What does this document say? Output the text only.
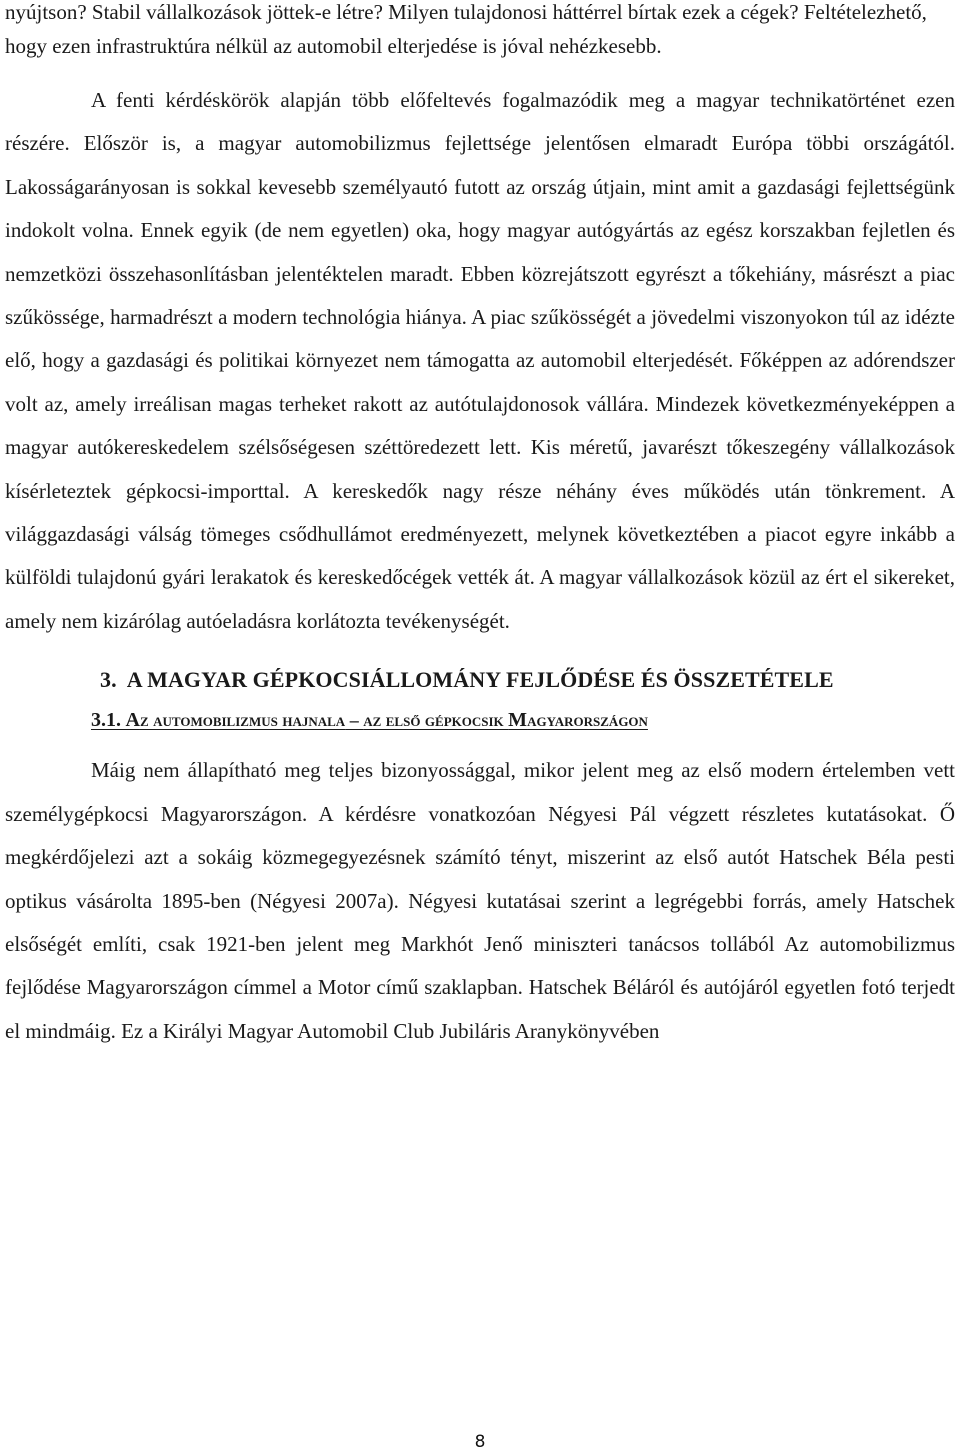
nyújtson? Stabil vállalkozások jöttek-e létre? Milyen tulajdonosi háttérrel bírtak ezek a cégek? Feltételezhető, hogy ezen infrastruktúra nélkül az automobil elterjedése is jóval nehézkesebb.

A fenti kérdéskörök alapján több előfeltevés fogalmazódik meg a magyar technikatörténet ezen részére. Először is, a magyar automobilizmus fejlettsége jelentősen elmaradt Európa többi országától. Lakosságarányosan is sokkal kevesebb személyautó futott az ország útjain, mint amit a gazdasági fejlettségünk indokolt volna. Ennek egyik (de nem egyetlen) oka, hogy magyar autógyártás az egész korszakban fejletlen és nemzetközi összehasonlításban jelentéktelen maradt. Ebben közrejátszott egyrészt a tőkehiány, másrészt a piac szűkössége, harmadrészt a modern technológia hiánya. A piac szűkösségét a jövedelmi viszonyokon túl az idézte elő, hogy a gazdasági és politikai környezet nem támogatta az automobil elterjedését. Főképpen az adórendszer volt az, amely irreálisan magas terheket rakott az autótulajdonosok vállára. Mindezek következményeképpen a magyar autókereskedelem szélsőségesen széttöredezett lett. Kis méretű, javarészt tőkeszegény vállalkozások kísérleteztek gépkocsi-importtal. A kereskedők nagy része néhány éves működés után tönkrement. A világgazdasági válság tömeges csődhullámot eredményezett, melynek következtében a piacot egyre inkább a külföldi tulajdonú gyári lerakatok és kereskedőcégek vették át. A magyar vállalkozások közül az ért el sikereket, amely nem kizárólag autóeladásra korlátozta tevékenységét.

3. A MAGYAR GÉPKOCSIÁLLOMÁNY FEJLŐDÉSE ÉS ÖSSZETÉTELE
3.1. Az automobilizmus hajnala – az első gépkocsik Magyarországon

Máig nem állapítható meg teljes bizonyossággal, mikor jelent meg az első modern értelemben vett személygépkocsi Magyarországon. A kérdésre vonatkozóan Négyesi Pál végzett részletes kutatásokat. Ő megkérdőjelezi azt a sokáig közmegegyezésnek számító tényt, miszerint az első autót Hatschek Béla pesti optikus vásárolta 1895-ben (Négyesi 2007a). Négyesi kutatásai szerint a legrégebbi forrás, amely Hatschek elsőségét említi, csak 1921-ben jelent meg Markhót Jenő miniszteri tanácsos tollából Az automobilizmus fejlődése Magyarországon címmel a Motor című szaklapban. Hatschek Béláról és autójáról egyetlen fotó terjedt el mindmáig. Ez a Királyi Magyar Automobil Club Jubiláris Aranykönyvében

8
